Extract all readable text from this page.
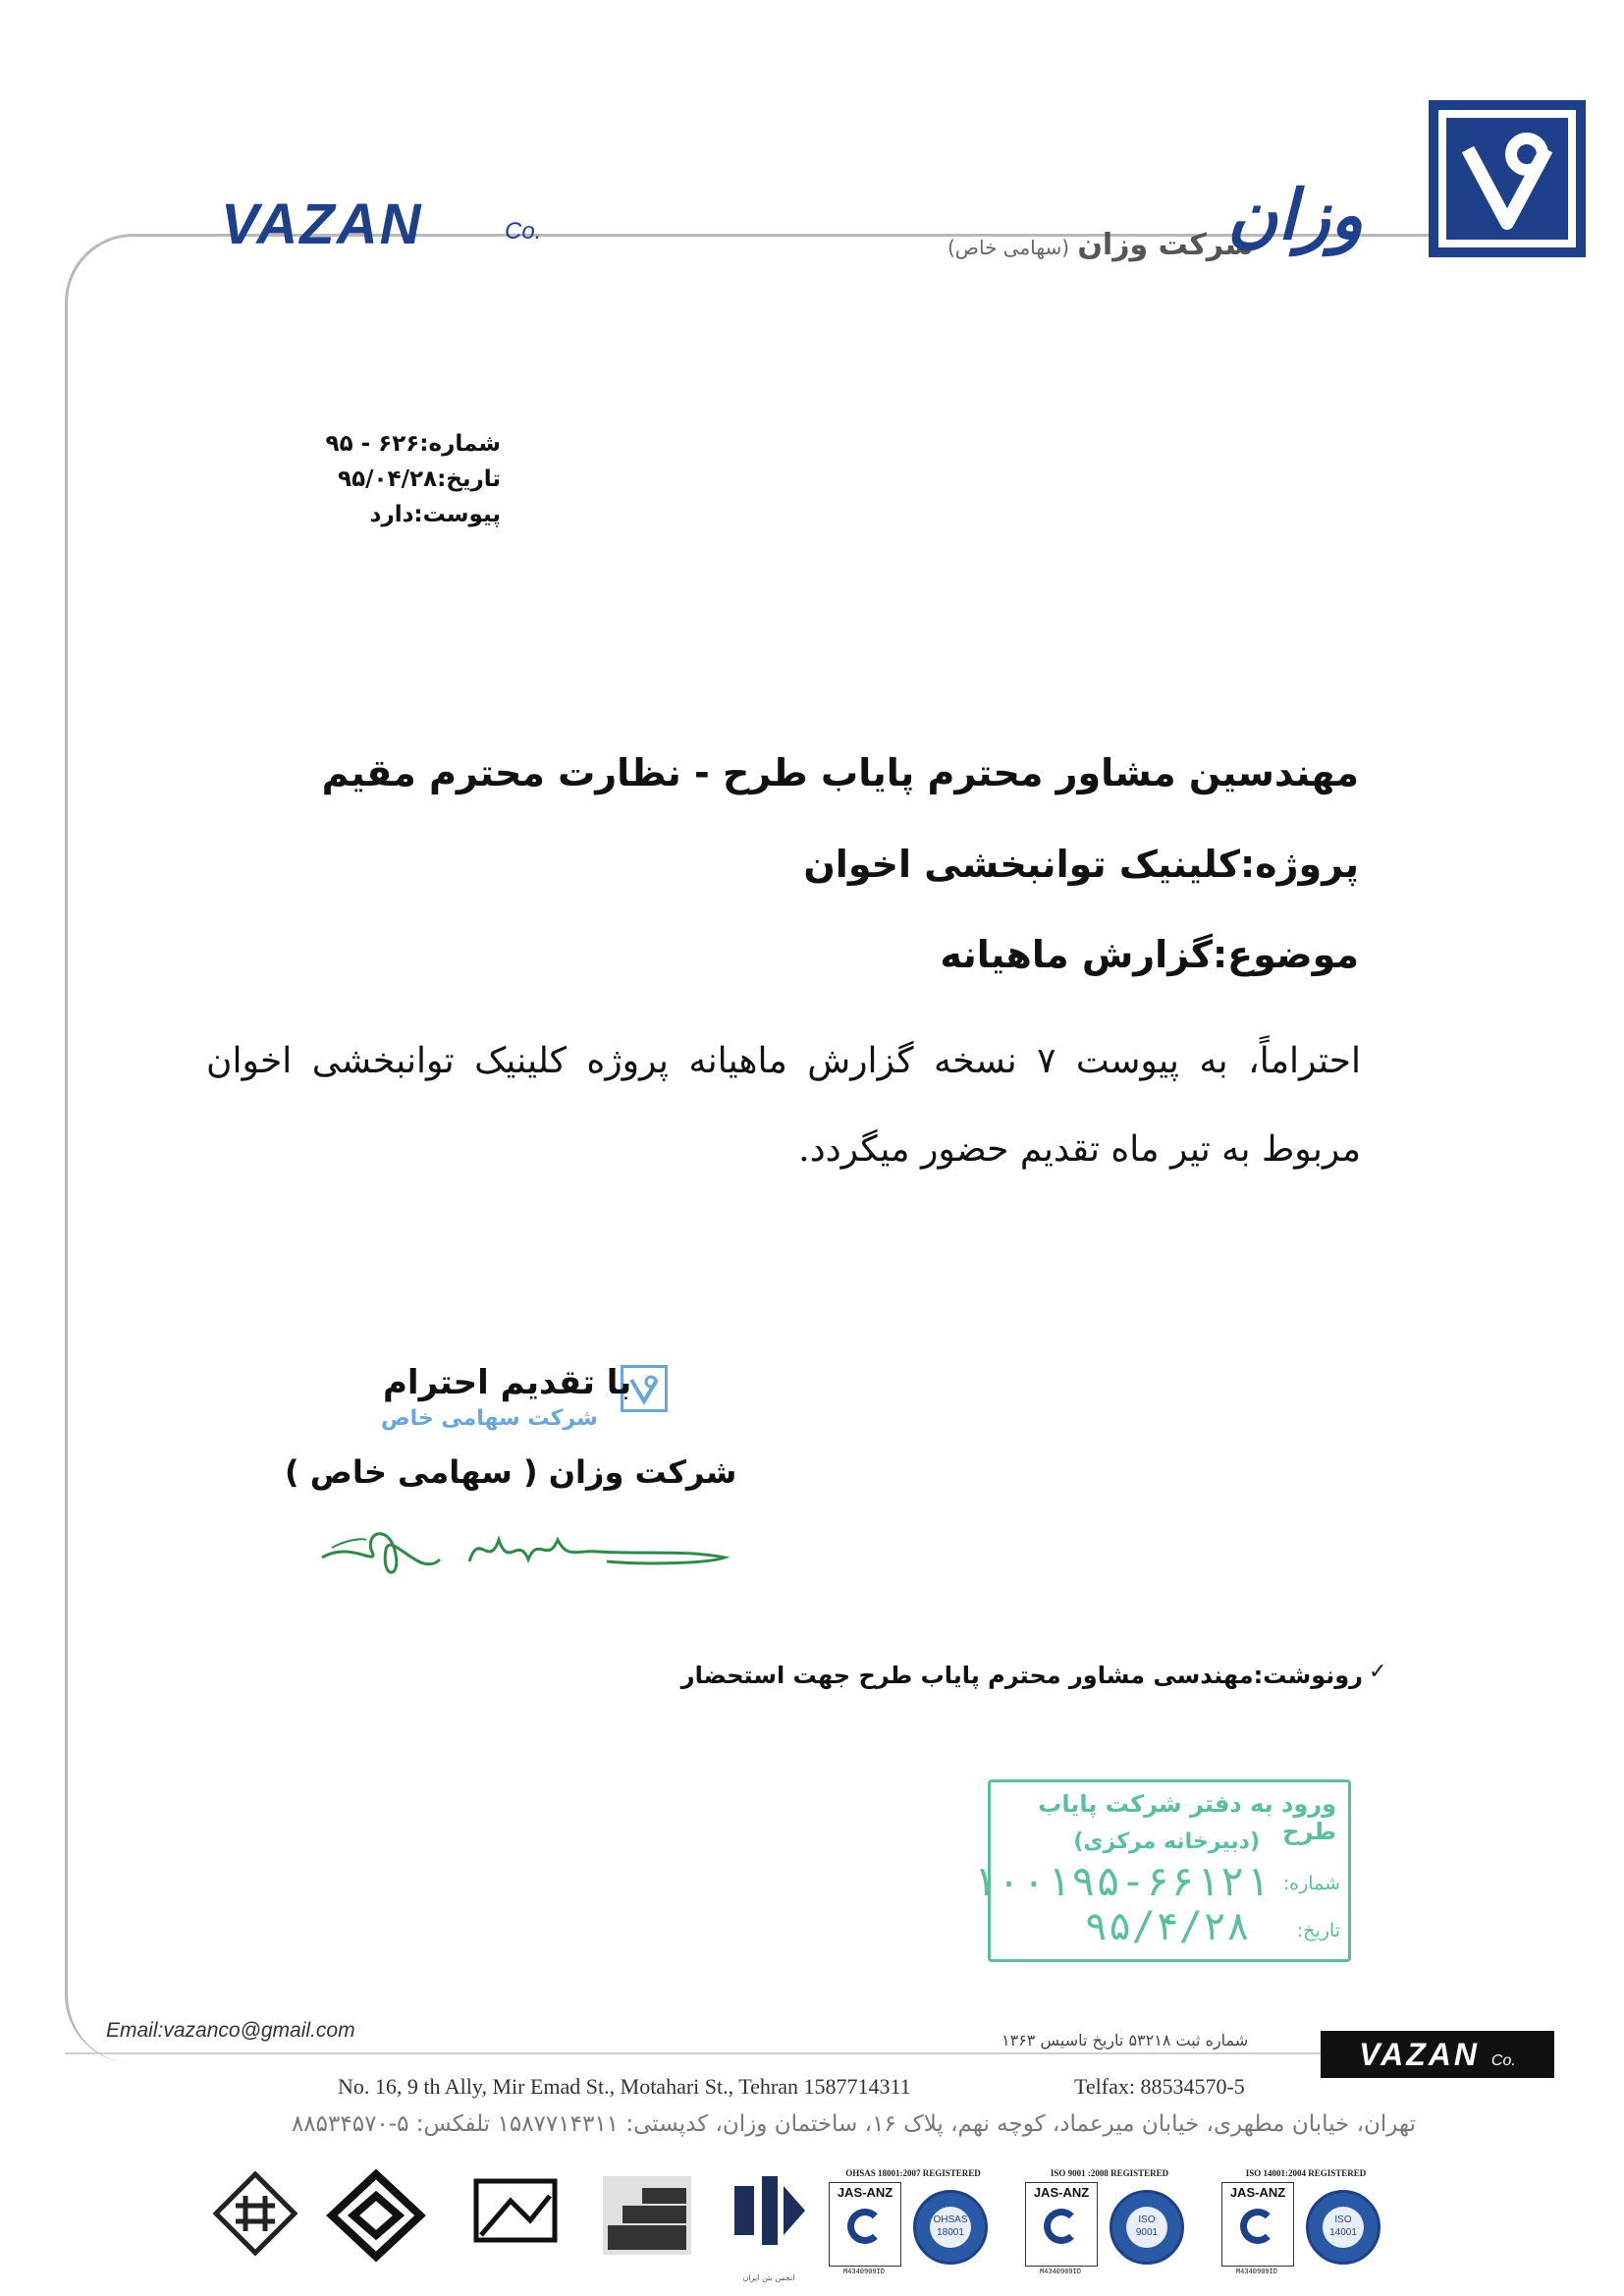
VAZAN	Co.	شرکت وزان (سهامی خاص)	وزان
شماره:۶۲۶ - ۹۵
تاریخ:۹۵/۰۴/۲۸
پیوست:دارد
مهندسین مشاور محترم پایاب طرح - نظارت محترم مقیم
پروژه:کلینیک توانبخشی اخوان
موضوع:گزارش ماهیانه
احتراماً، به پیوست ۷ نسخه گزارش ماهیانه پروژه کلینیک توانبخشی اخوان مربوط به تیر ماه تقدیم حضور میگردد.
با تقدیم احترام
شرکت سهامی خاص
شرکت وزان ( سهامی خاص )
رونوشت:مهندسی مشاور محترم پایاب طرح جهت استحضار ✓
ورود به دفتر شرکت پایاب طرح
(دبیرخانه مرکزی)
شماره:
۱۰۰۱۹۵-۶۶۱۲۱
تاریخ:
۹۵/۴/۲۸
Email:vazanco@gmail.com	شماره ثبت ۵۳۲۱۸ تاریخ تاسیس ۱۳۶۳	VAZAN Co.
No. 16, 9 th Ally, Mir Emad St., Motahari St., Tehran 1587714311	Telfax: 88534570-5
تهران، خیابان مطهری، خیابان میرعماد، کوچه نهم، پلاک ۱۶، ساختمان وزان، کدپستی: ۱۵۸۷۷۱۴۳۱۱ تلفکس: ۵-۸۸۵۳۴۵۷۰
انجمن بتن ایران
OHSAS 18001:2007 REGISTERED
JAS-ANZ
M4340909ID
OHSAS 18001
ISO 9001 :2008 REGISTERED
JAS-ANZ
M4340909ID
ISO 9001
ISO 14001:2004 REGISTERED
JAS-ANZ
M4340909ID
ISO 14001
